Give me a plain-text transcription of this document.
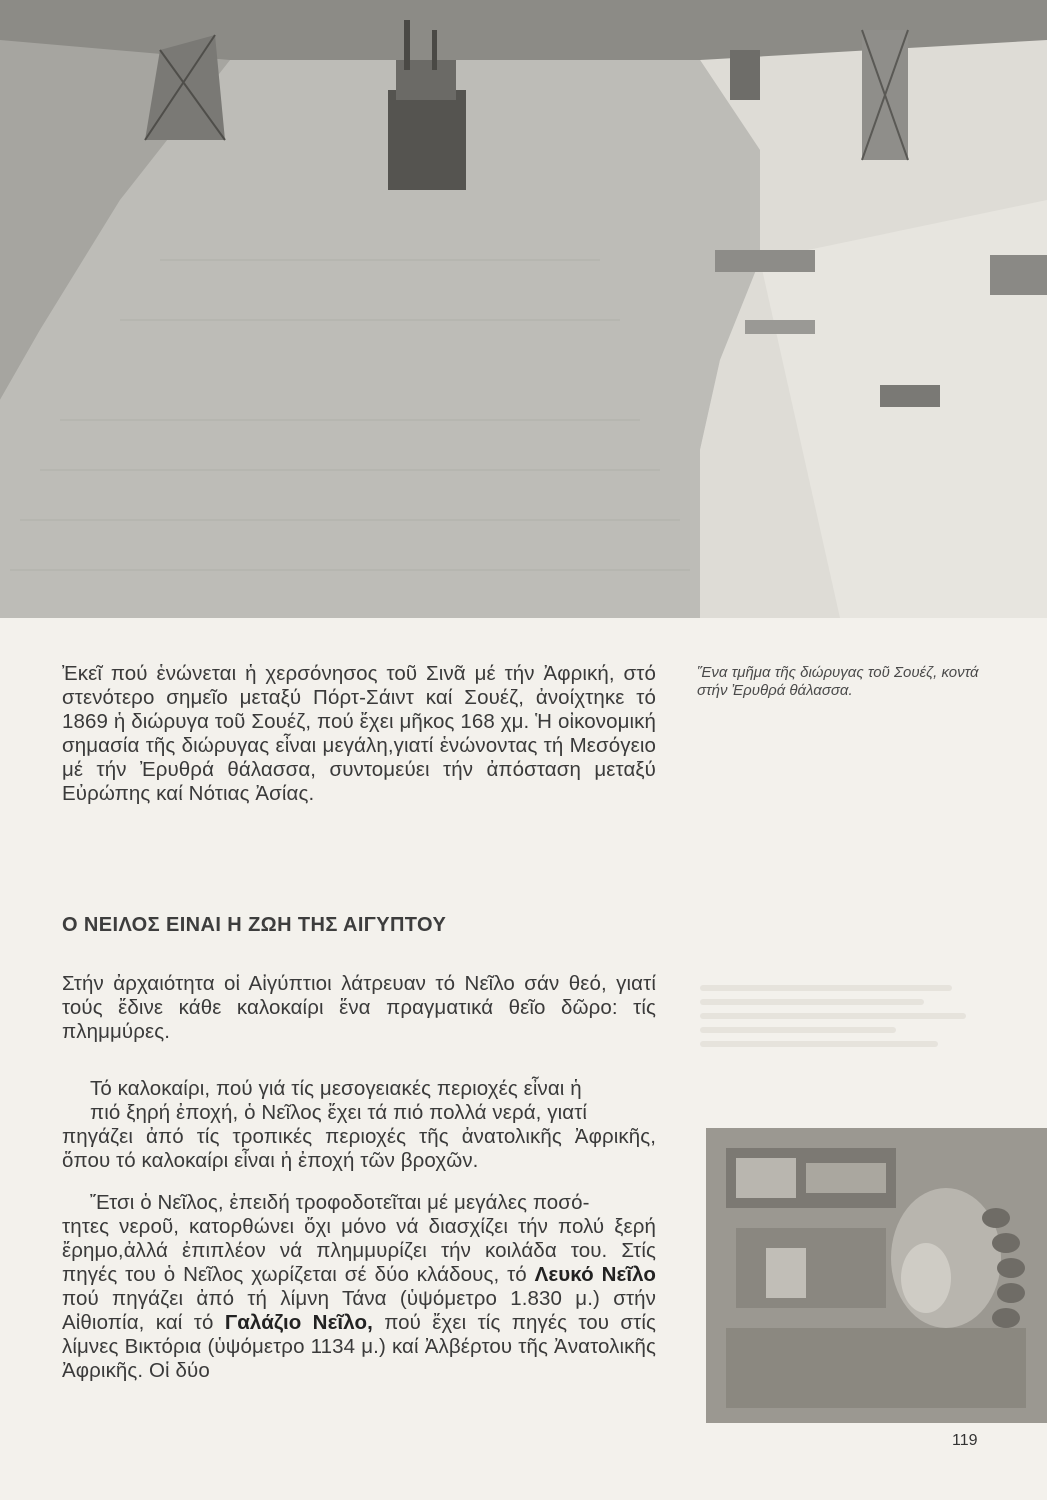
Ἐκεῖ πού ἑνώνεται ἡ χερσόνησος τοῦ Σινᾶ μέ τήν Ἀφρική, στό στενότερο σημεῖο μεταξύ Πόρτ-Σάιντ καί Σουέζ, ἀνοίχτηκε τό 1869 ἡ διώρυγα τοῦ Σουέζ, πού ἔχει μῆκος 168 χμ. Ἡ οἰκονομική σημασία τῆς διώρυγας εἶναι μεγάλη,γιατί ἑνώνοντας τή Μεσόγειο μέ τήν Ἐρυθρά θάλασσα, συντομεύει τήν ἀπόσταση μεταξύ Εὐρώπης καί Νότιας Ἀσίας.
Ἕνα τμῆμα τῆς διώρυγας τοῦ Σουέζ, κοντά στήν Ἐρυθρά θάλασσα.
Ο ΝΕΙΛΟΣ ΕΙΝΑΙ Η ΖΩΗ ΤΗΣ ΑΙΓΥΠΤΟΥ
Στήν ἀρχαιότητα οἱ Αἰγύπτιοι λάτρευαν τό Νεῖλο σάν θεό, γιατί τούς ἔδινε κάθε καλοκαίρι ἕνα πραγματικά θεῖο δῶρο: τίς πλημμύρες.
Τό καλοκαίρι, πού γιά τίς μεσογειακές περιοχές εἶναι ἡ
πιό ξηρή ἐποχή, ὁ Νεῖλος ἔχει τά πιό πολλά νερά, γιατί
πηγάζει ἀπό τίς τροπικές περιοχές τῆς ἀνατολικῆς Ἀφρικῆς, ὅπου τό καλοκαίρι εἶναι ἡ ἐποχή τῶν βροχῶν.
Ἔτσι ὁ Νεῖλος, ἐπειδή τροφοδοτεῖται μέ μεγάλες ποσό-
τητες νεροῦ, κατορθώνει ὄχι μόνο νά διασχίζει τήν πολύ ξερή ἔρημο,ἀλλά ἐπιπλέον νά πλημμυρίζει τήν κοιλάδα του. Στίς πηγές του ὁ Νεῖλος χωρίζεται σέ δύο κλάδους, τό Λευκό Νεῖλο πού πηγάζει ἀπό τή λίμνη Τάνα (ὑψόμετρο 1.830 μ.) στήν Αἰθιοπία, καί τό Γαλάζιο Νεῖλο, πού ἔχει τίς πηγές του στίς λίμνες Βικτόρια (ὑψόμετρο 1134 μ.) καί Ἀλβέρτου τῆς Ἀνατολικῆς Ἀφρικῆς. Οἱ δύο
119
